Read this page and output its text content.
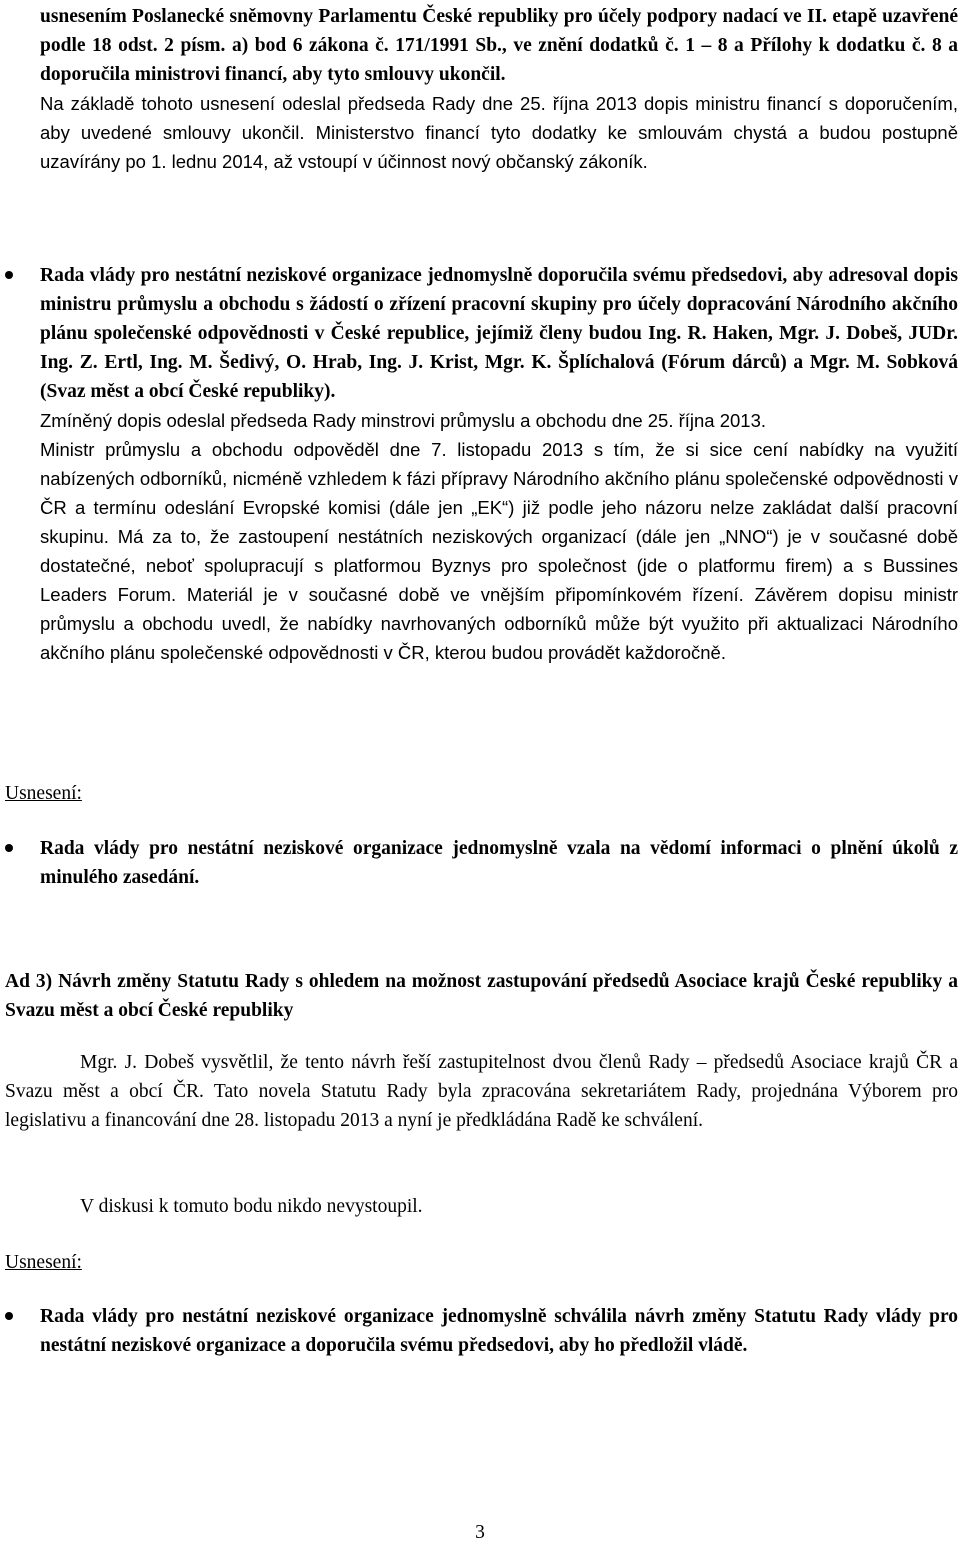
usnesením Poslanecké sněmovny Parlamentu České republiky pro účely podpory nadací ve II. etapě uzavřené podle 18 odst. 2 písm. a) bod 6 zákona č. 171/1991 Sb., ve znění dodatků č. 1 – 8 a Přílohy k dodatku č. 8 a doporučila ministrovi financí, aby tyto smlouvy ukončil.

Na základě tohoto usnesení odeslal předseda Rady dne 25. října 2013 dopis ministru financí s doporučením, aby uvedené smlouvy ukončil. Ministerstvo financí tyto dodatky ke smlouvám chystá a budou postupně uzavírány po 1. lednu 2014, až vstoupí v účinnost nový občanský zákoník.

Rada vlády pro nestátní neziskové organizace jednomyslně doporučila svému předsedovi, aby adresoval dopis ministru průmyslu a obchodu s žádostí o zřízení pracovní skupiny pro účely dopracování Národního akčního plánu společenské odpovědnosti v České republice, jejímiž členy budou Ing. R. Haken, Mgr. J. Dobeš, JUDr. Ing. Z. Ertl, Ing. M. Šedivý, O. Hrab, Ing. J. Krist, Mgr. K. Šplíchalová (Fórum dárců) a Mgr. M. Sobková (Svaz měst a obcí České republiky).

Zmíněný dopis odeslal předseda Rady minstrovi průmyslu a obchodu dne 25. října 2013.

Ministr průmyslu a obchodu odpověděl dne 7. listopadu 2013 s tím, že si sice cení nabídky na využití nabízených odborníků, nicméně vzhledem k fázi přípravy Národního akčního plánu společenské odpovědnosti v ČR a termínu odeslání Evropské komisi (dále jen „EK“) již podle jeho názoru nelze zakládat další pracovní skupinu. Má za to, že zastoupení nestátních neziskových organizací (dále jen „NNO“) je v současné době dostatečné, neboť spolupracují s platformou Byznys pro společnost (jde o platformu firem) a s Bussines Leaders Forum. Materiál je v současné době ve vnějším připomínkovém řízení. Závěrem dopisu ministr průmyslu a obchodu uvedl, že nabídky navrhovaných odborníků může být využito při aktualizaci Národního akčního plánu společenské odpovědnosti v ČR, kterou budou provádět každoročně.

Usnesení:
Rada vlády pro nestátní neziskové organizace jednomyslně vzala na vědomí informaci o plnění úkolů z minulého zasedání.
Ad 3) Návrh změny Statutu Rady s ohledem na možnost zastupování předsedů Asociace krajů České republiky a Svazu měst a obcí České republiky
Mgr. J. Dobeš vysvětlil, že tento návrh řeší zastupitelnost dvou členů Rady – předsedů Asociace krajů ČR a Svazu měst a obcí ČR. Tato novela Statutu Rady byla zpracována sekretariátem Rady, projednána Výborem pro legislativu a financování dne 28. listopadu 2013 a nyní je předkládána Radě ke schválení.
V diskusi k tomuto bodu nikdo nevystoupil.
Usnesení:
Rada vlády pro nestátní neziskové organizace jednomyslně schválila návrh změny Statutu Rady vlády pro nestátní neziskové organizace a doporučila svému předsedovi, aby ho předložil vládě.
3
